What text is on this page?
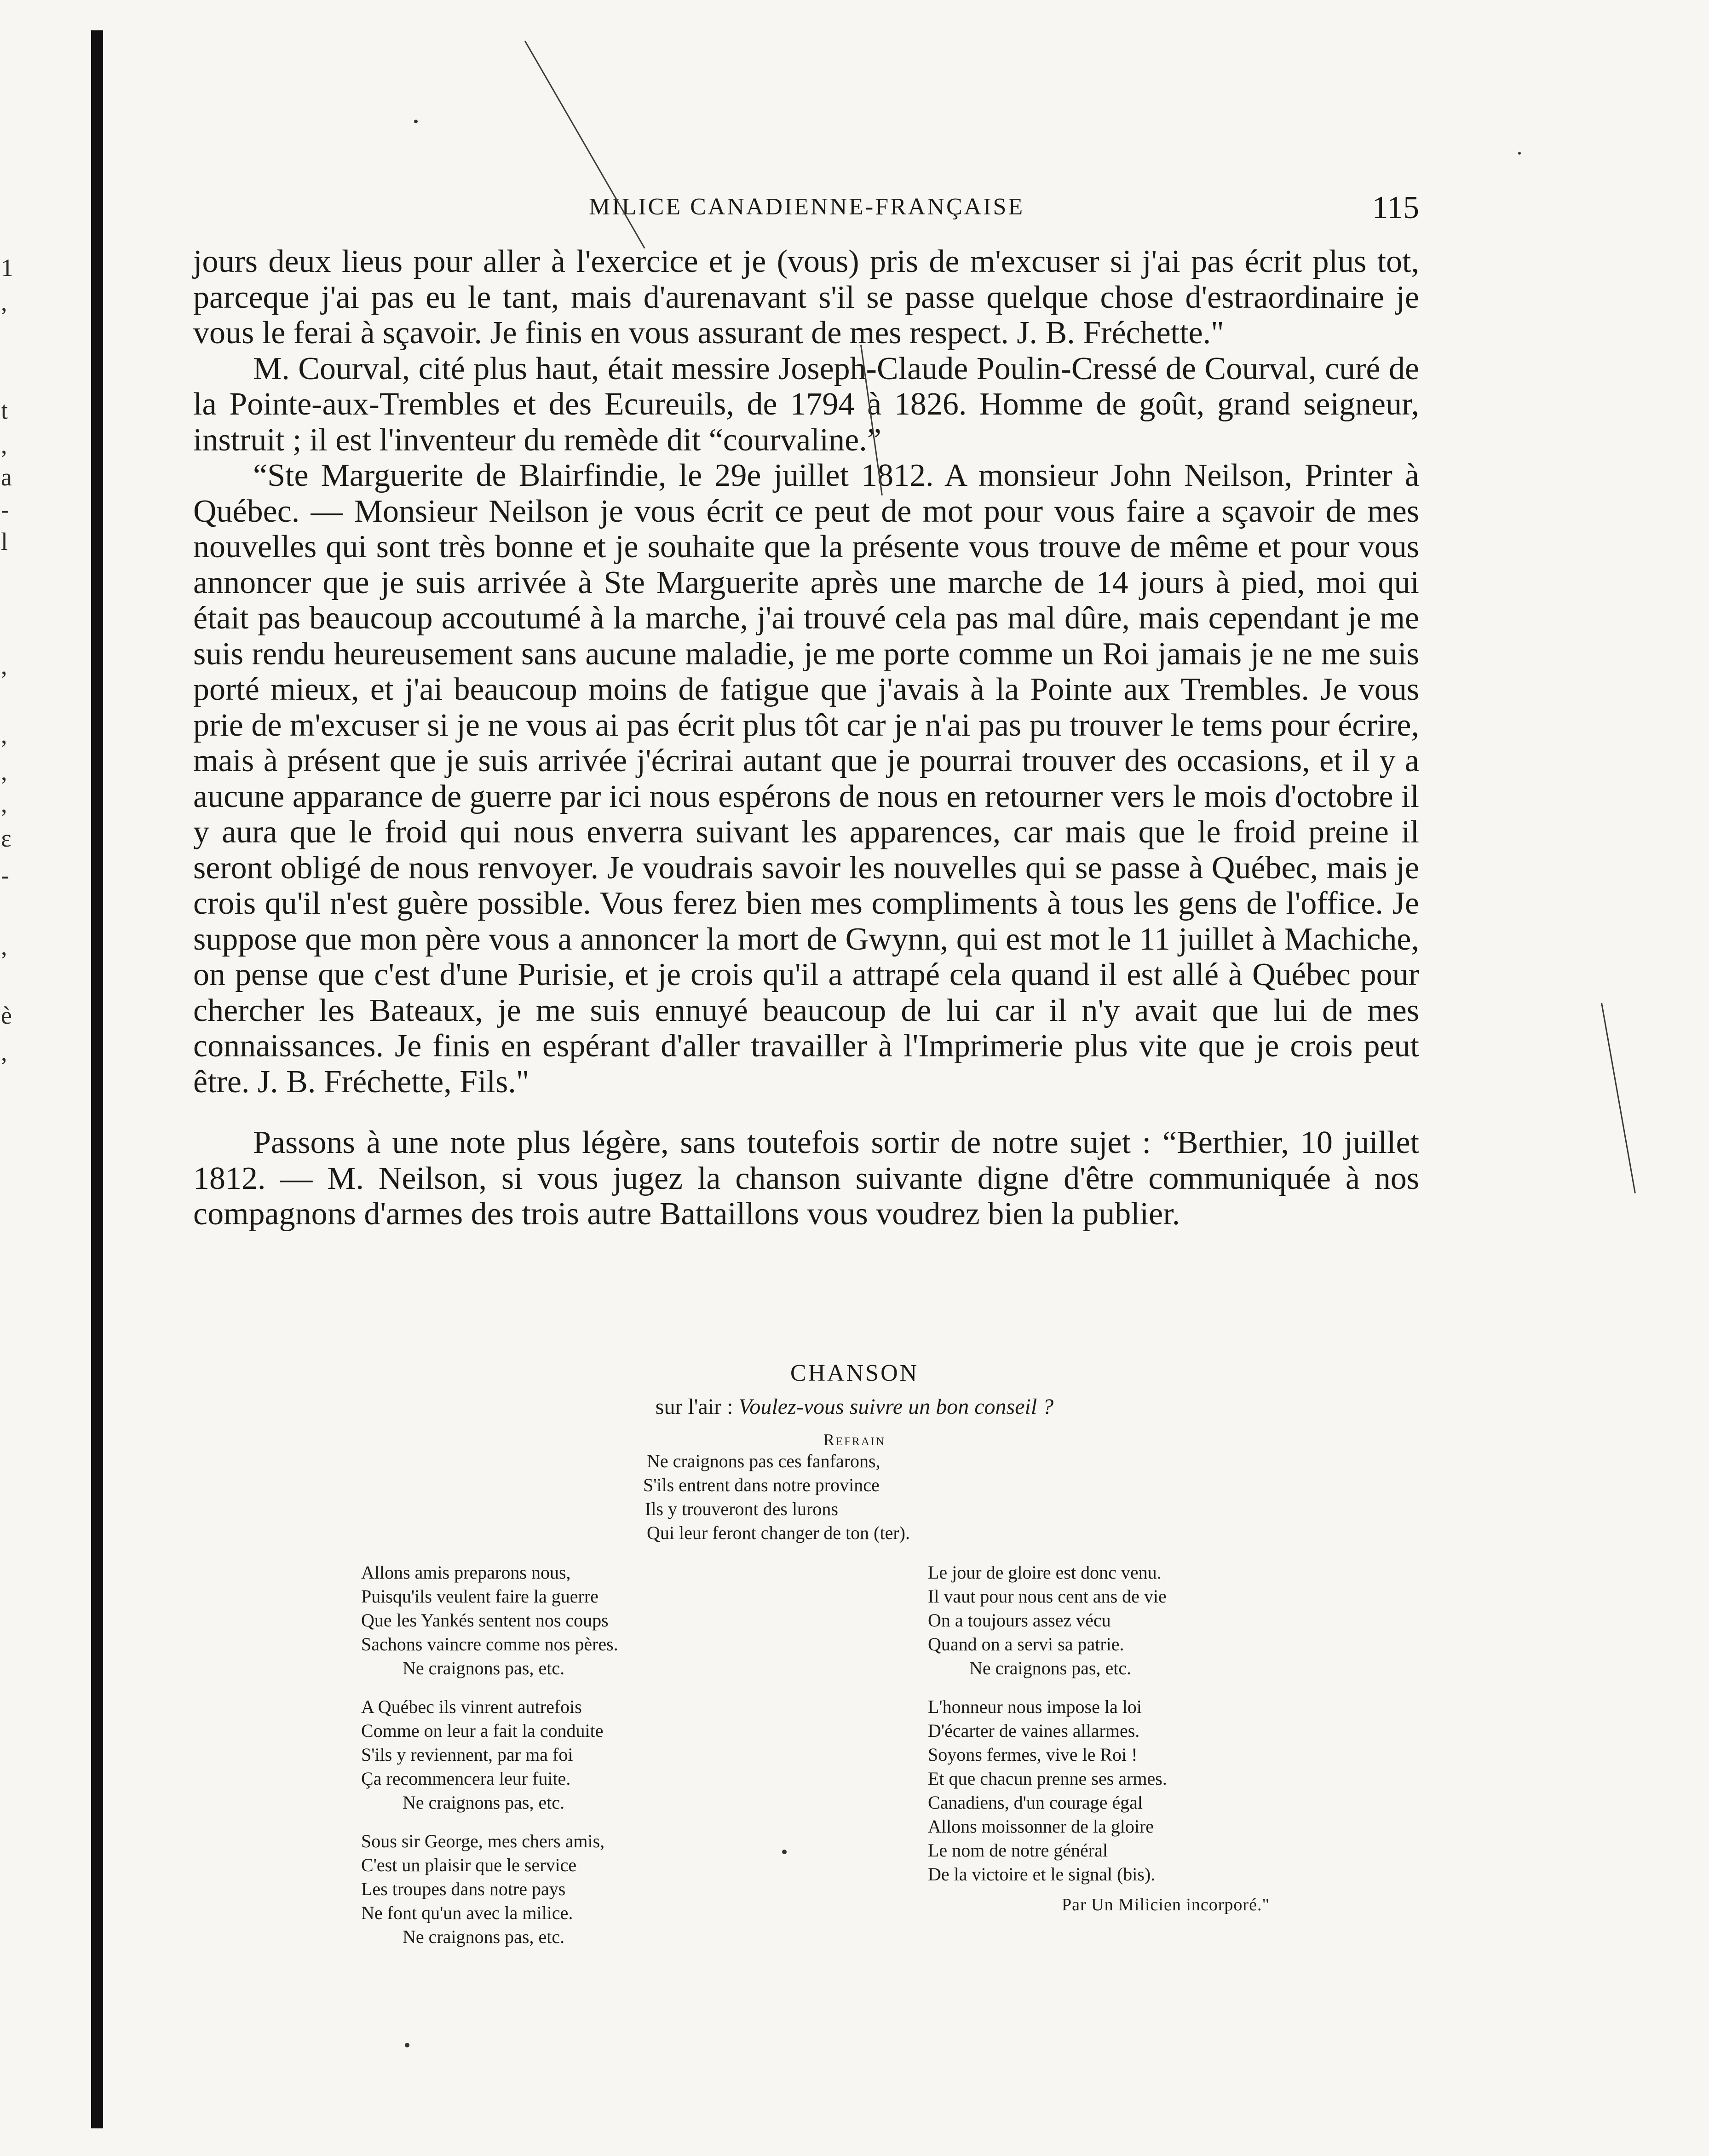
1
,
t
,
a
-
l
,
,
,
,
ɛ
-
,
è
,
MILICE CANADIENNE-FRANÇAISE	115

jours deux lieus pour aller à l'exercice et je (vous) pris de m'excuser si j'ai pas écrit plus tot, parceque j'ai pas eu le tant, mais d'aurenavant s'il se passe quelque chose d'estraordinaire je vous le ferai à sçavoir. Je finis en vous assurant de mes respect. J. B. Fréchette."

M. Courval, cité plus haut, était messire Joseph-Claude Poulin-Cressé de Courval, curé de la Pointe-aux-Trembles et des Ecureuils, de 1794 à 1826. Homme de goût, grand seigneur, instruit ; il est l'inventeur du remède dit “courvaline.”

“Ste Marguerite de Blairfindie, le 29e juillet 1812. A monsieur John Neilson, Printer à Québec. — Monsieur Neilson je vous écrit ce peut de mot pour vous faire a sçavoir de mes nouvelles qui sont très bonne et je souhaite que la présente vous trouve de même et pour vous annoncer que je suis arrivée à Ste Marguerite après une marche de 14 jours à pied, moi qui était pas beaucoup accoutumé à la marche, j'ai trouvé cela pas mal dûre, mais cependant je me suis rendu heureusement sans aucune maladie, je me porte comme un Roi jamais je ne me suis porté mieux, et j'ai beaucoup moins de fatigue que j'avais à la Pointe aux Trembles. Je vous prie de m'excuser si je ne vous ai pas écrit plus tôt car je n'ai pas pu trouver le tems pour écrire, mais à présent que je suis arrivée j'écrirai autant que je pourrai trouver des occasions, et il y a aucune apparance de guerre par ici nous espérons de nous en retourner vers le mois d'octobre il y aura que le froid qui nous enverra suivant les apparences, car mais que le froid preine il seront obligé de nous renvoyer. Je voudrais savoir les nouvelles qui se passe à Québec, mais je crois qu'il n'est guère possible. Vous ferez bien mes compliments à tous les gens de l'office. Je suppose que mon père vous a annoncer la mort de Gwynn, qui est mot le 11 juillet à Machiche, on pense que c'est d'une Purisie, et je crois qu'il a attrapé cela quand il est allé à Québec pour chercher les Bateaux, je me suis ennuyé beaucoup de lui car il n'y avait que lui de mes connaissances. Je finis en espérant d'aller travailler à l'Imprimerie plus vite que je crois peut être. J. B. Fréchette, Fils."

Passons à une note plus légère, sans toutefois sortir de notre sujet : “Berthier, 10 juillet 1812. — M. Neilson, si vous jugez la chanson suivante digne d'être communiquée à nos compagnons d'armes des trois autre Battaillons vous voudrez bien la publier.

CHANSON
sur l'air : Voulez-vous suivre un bon conseil ?
Refrain
Ne craignons pas ces fanfarons,
S'ils entrent dans notre province
Ils y trouveront des lurons
Qui leur feront changer de ton (ter).
Allons amis preparons nous,
Puisqu'ils veulent faire la guerre
Que les Yankés sentent nos coups
Sachons vaincre comme nos pères.
Ne craignons pas, etc.
A Québec ils vinrent autrefois
Comme on leur a fait la conduite
S'ils y reviennent, par ma foi
Ça recommencera leur fuite.
Ne craignons pas, etc.
Sous sir George, mes chers amis,
C'est un plaisir que le service
Les troupes dans notre pays
Ne font qu'un avec la milice.
Ne craignons pas, etc.
Le jour de gloire est donc venu.
Il vaut pour nous cent ans de vie
On a toujours assez vécu
Quand on a servi sa patrie.
Ne craignons pas, etc.
L'honneur nous impose la loi
D'écarter de vaines allarmes.
Soyons fermes, vive le Roi !
Et que chacun prenne ses armes.
Canadiens, d'un courage égal
Allons moissonner de la gloire
Le nom de notre général
De la victoire et le signal (bis).
Par Un Milicien incorporé."
